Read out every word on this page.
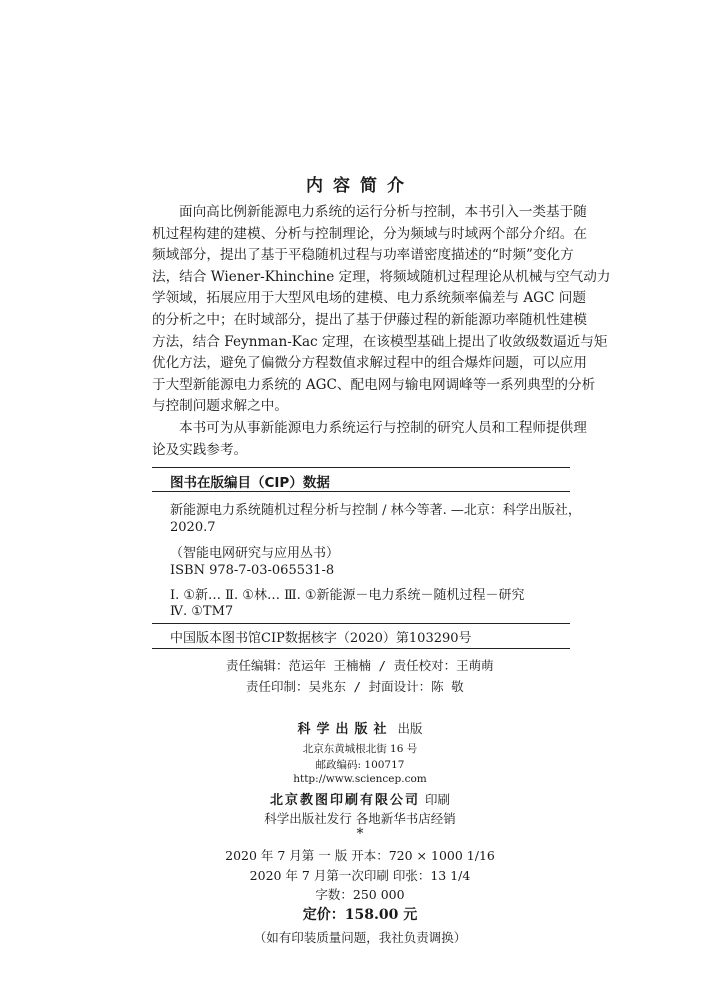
内容简介
面向高比例新能源电力系统的运行分析与控制，本书引入一类基于随
机过程构建的建模、分析与控制理论，分为频域与时域两个部分介绍。在
频域部分，提出了基于平稳随机过程与功率谱密度描述的“时频”变化方
法，结合 Wiener-Khinchine 定理，将频域随机过程理论从机械与空气动力
学领域，拓展应用于大型风电场的建模、电力系统频率偏差与 AGC 问题
的分析之中；在时域部分，提出了基于伊藤过程的新能源功率随机性建模
方法，结合 Feynman-Kac 定理，在该模型基础上提出了收敛级数逼近与矩
优化方法，避免了偏微分方程数值求解过程中的组合爆炸问题，可以应用
于大型新能源电力系统的 AGC、配电网与输电网调峰等一系列典型的分析
与控制问题求解之中。
本书可为从事新能源电力系统运行与控制的研究人员和工程师提供理
论及实践参考。
图书在版编目（CIP）数据
新能源电力系统随机过程分析与控制 / 林今等著. —北京：科学出版社，
2020.7
（智能电网研究与应用丛书）
ISBN 978-7-03-065531-8
Ⅰ. ①新… Ⅱ. ①林… Ⅲ. ①新能源－电力系统－随机过程－研究
Ⅳ. ①TM7
中国版本图书馆CIP数据核字（2020）第103290号
责任编辑：范运年 王楠楠 / 责任校对：王萌萌
责任印制：吴兆东 / 封面设计：陈 敬
科学出版社 出版
北京东黄城根北街 16 号
邮政编码: 100717
http://www.sciencep.com
北京教图印刷有限公司 印刷
科学出版社发行 各地新华书店经销
*
2020 年 7 月第 一 版 开本：720 × 1000 1/16
2020 年 7 月第一次印刷 印张：13 1/4
字数：250 000
定价：158.00 元
（如有印装质量问题，我社负责调换）
